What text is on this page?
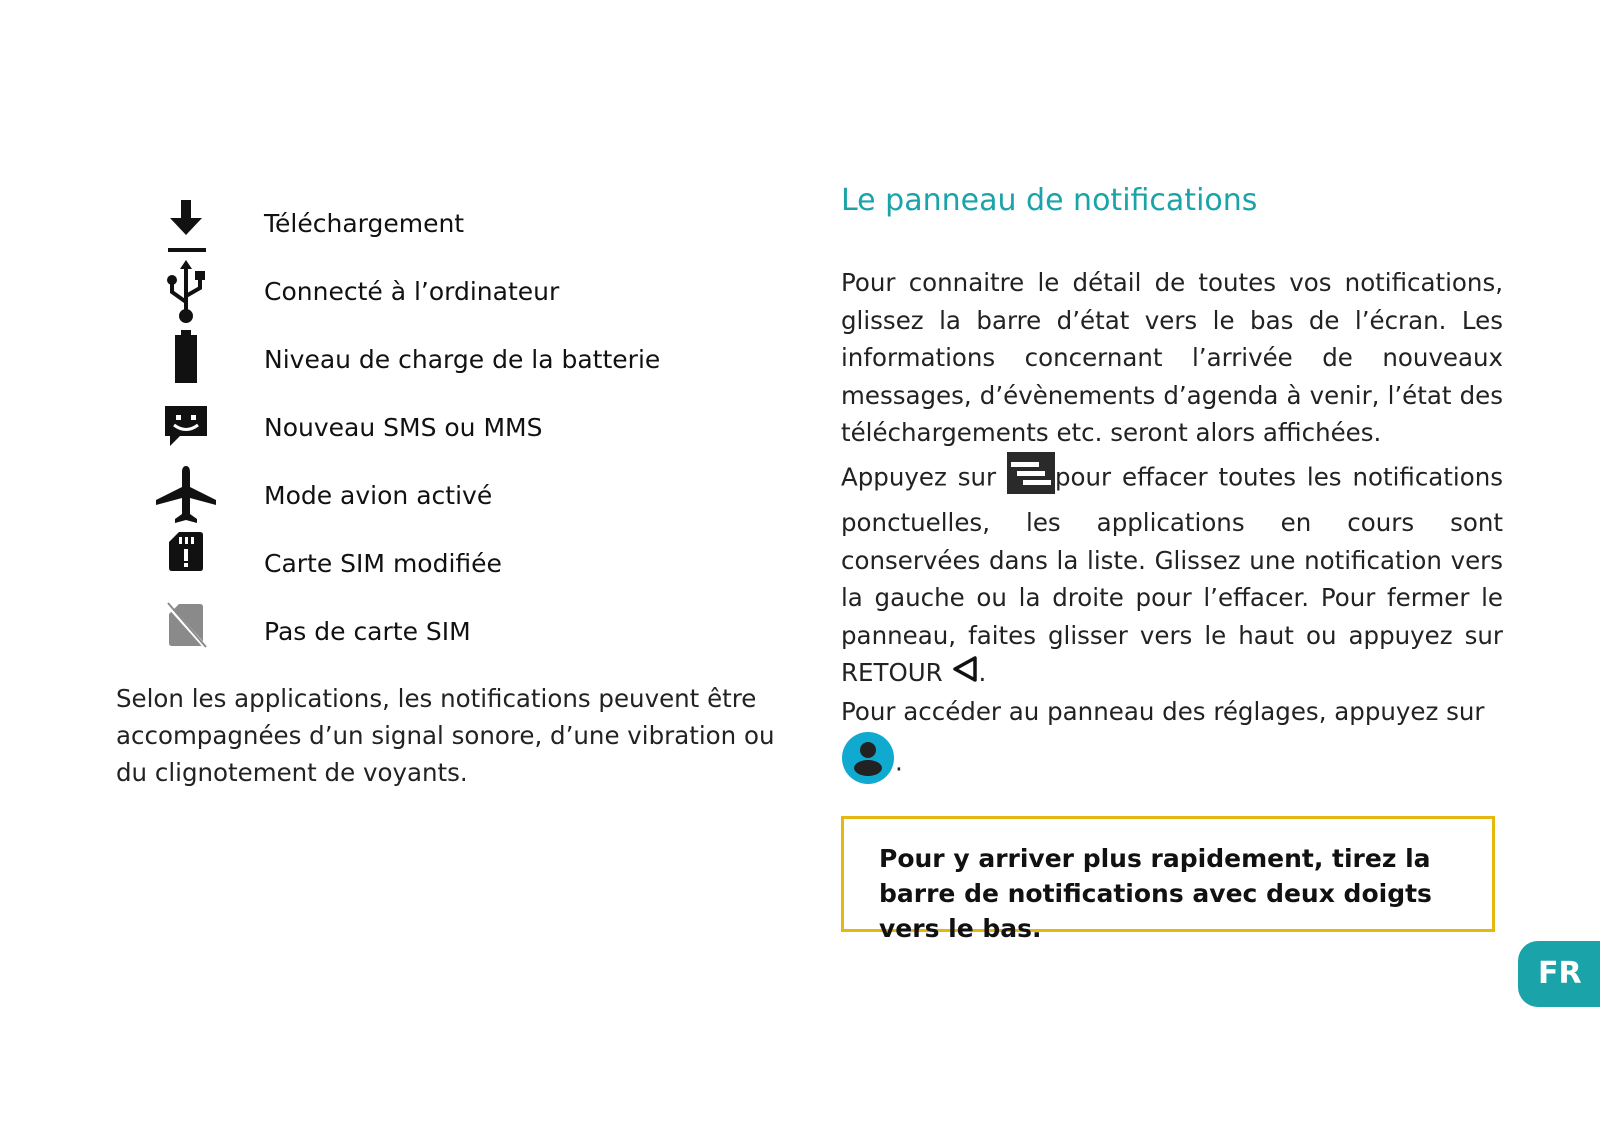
Téléchargement
Connecté à l’ordinateur
Niveau de charge de la batterie
Nouveau SMS ou MMS
Mode avion activé
Carte SIM modifiée
Pas de carte SIM

Selon les applications, les notifications peuvent être accompagnées d’un signal sonore, d’une vibration ou du clignotement de voyants.

Le panneau de notifications

Pour connaitre le détail de toutes vos notifications, glissez la barre d’état vers le bas de l’écran. Les informations concernant l’arrivée de nouveaux messages, d’évènements d’agenda à venir, l’état des téléchargements etc. seront alors affichées.

Appuyez sur pour effacer toutes les notifications ponctuelles, les applications en cours sont conservées dans la liste. Glissez une notification vers la gauche ou la droite pour l’effacer. Pour fermer le panneau, faites glisser vers le haut ou appuyez sur RETOUR .

Pour accéder au panneau des réglages, appuyez sur .

Pour y arriver plus rapidement, tirez la barre de notifications avec deux doigts vers le bas.
FR
